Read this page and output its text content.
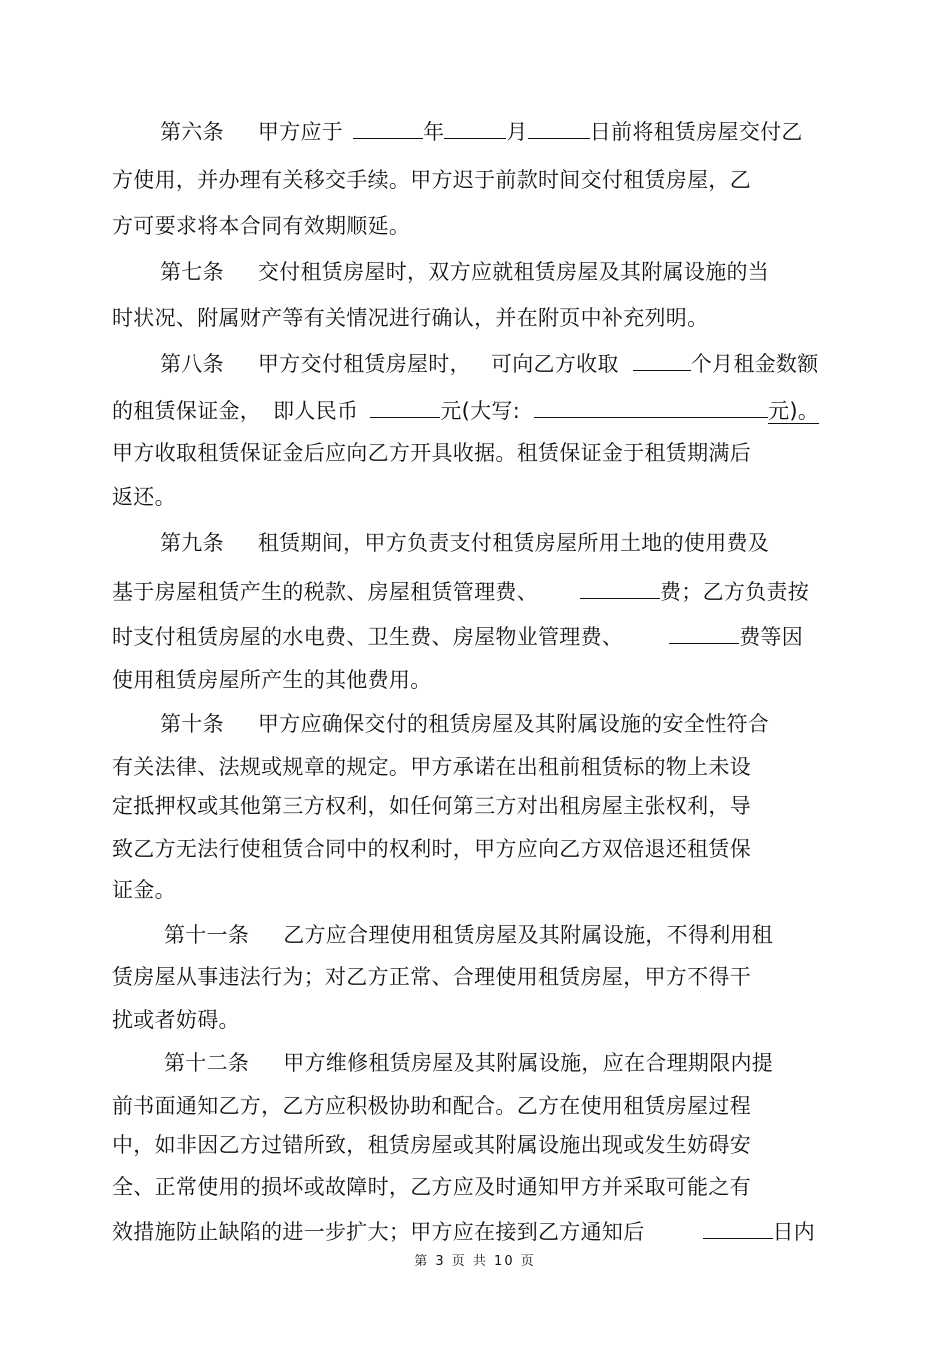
第六条 甲方应于	年	月	日前将租赁房屋交付乙
方使用，并办理有关移交手续。甲方迟于前款时间交付租赁房屋，乙
方可要求将本合同有效期顺延。
第七条 交付租赁房屋时，双方应就租赁房屋及其附属设施的当
时状况、附属财产等有关情况进行确认，并在附页中补充列明。
第八条 甲方交付租赁房屋时， 可向乙方收取	个月租金数额
的租赁保证金， 即人民币	元(大写:	元)。
甲方收取租赁保证金后应向乙方开具收据。租赁保证金于租赁期满后
返还。
第九条 租赁期间，甲方负责支付租赁房屋所用土地的使用费及
基于房屋租赁产生的税款、房屋租赁管理费、	费；乙方负责按
时支付租赁房屋的水电费、卫生费、房屋物业管理费、	费等因
使用租赁房屋所产生的其他费用。
第十条 甲方应确保交付的租赁房屋及其附属设施的安全性符合
有关法律、法规或规章的规定。甲方承诺在出租前租赁标的物上未设
定抵押权或其他第三方权利，如任何第三方对出租房屋主张权利，导
致乙方无法行使租赁合同中的权利时，甲方应向乙方双倍退还租赁保
证金。
第十一条 乙方应合理使用租赁房屋及其附属设施，不得利用租
赁房屋从事违法行为；对乙方正常、合理使用租赁房屋，甲方不得干
扰或者妨碍。
第十二条 甲方维修租赁房屋及其附属设施，应在合理期限内提
前书面通知乙方，乙方应积极协助和配合。乙方在使用租赁房屋过程
中，如非因乙方过错所致，租赁房屋或其附属设施出现或发生妨碍安
全、正常使用的损坏或故障时，乙方应及时通知甲方并采取可能之有
效措施防止缺陷的进一步扩大；甲方应在接到乙方通知后	日内
第 3 页 共 10 页
